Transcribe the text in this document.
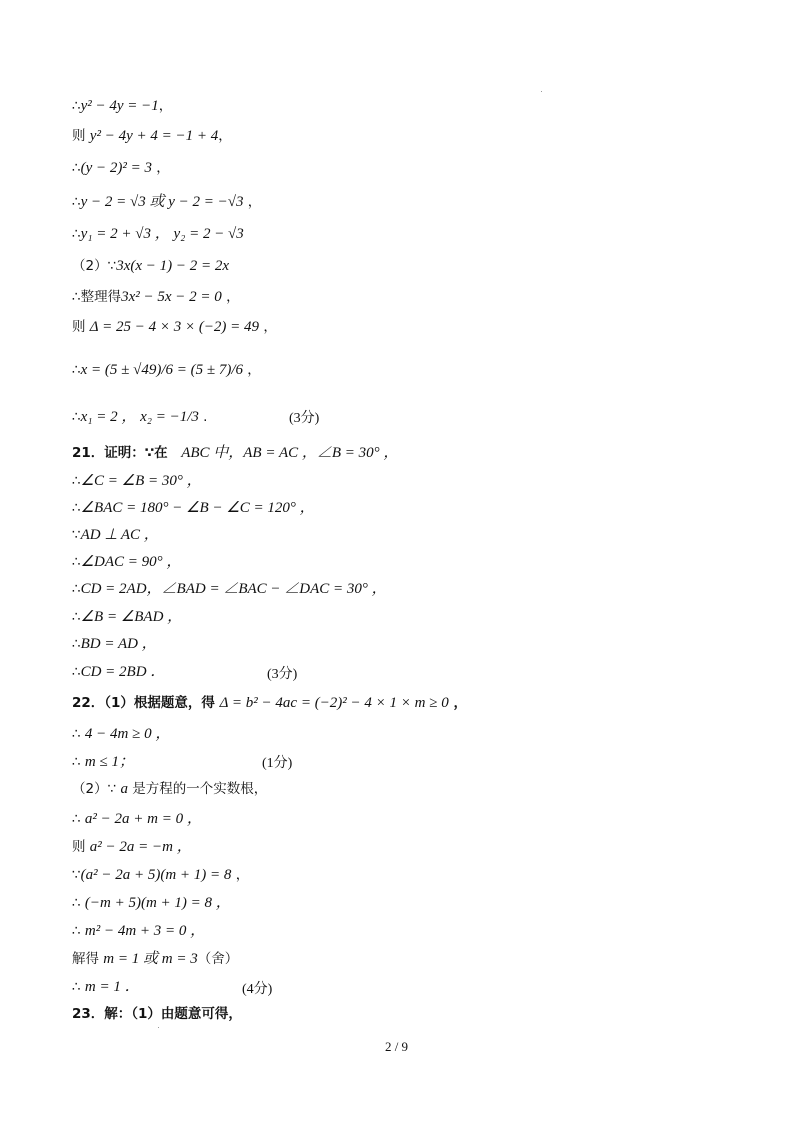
∴y² − 4y = −1，
则 y² − 4y + 4 = −1 + 4，
∴(y − 2)² = 3 ，
∴y − 2 = √3 或 y − 2 = −√3 ，
∴y₁ = 2 + √3 ， y₂ = 2 − √3
（2）∵3x(x − 1) − 2 = 2x
∴整理得3x² − 5x − 2 = 0 ，
则 Δ = 25 − 4 × 3 × (−2) = 49 ，
∴x = (5 ± √49)/6 = (5 ± 7)/6 ，
∴x₁ = 2 ， x₂ = −1/3 .	(3分)
21．证明：∵在　ABC 中，AB = AC ，∠B = 30° ，
∴∠C = ∠B = 30° ，
∴∠BAC = 180° − ∠B − ∠C = 120° ，
∵AD ⊥ AC ，
∴∠DAC = 90° ，
∴CD = 2AD，∠BAD = ∠BAC − ∠DAC = 30° ，
∴∠B = ∠BAD ，
∴BD = AD ，
∴CD = 2BD ．	(3分)
22．（1）根据题意，得 Δ = b² − 4ac = (−2)² − 4 × 1 × m ≥ 0 ，
∴ 4 − 4m ≥ 0 ，
∴ m ≤ 1；	(1分)
（2）∵ a 是方程的一个实数根，
∴ a² − 2a + m = 0 ，
则 a² − 2a = −m ，
∵(a² − 2a + 5)(m + 1) = 8 ，
∴ (−m + 5)(m + 1) = 8 ，
∴ m² − 4m + 3 = 0 ，
解得 m = 1 或 m = 3（舍）
∴ m = 1 ．	(4分)
23．解：（1）由题意可得，
2 / 9
